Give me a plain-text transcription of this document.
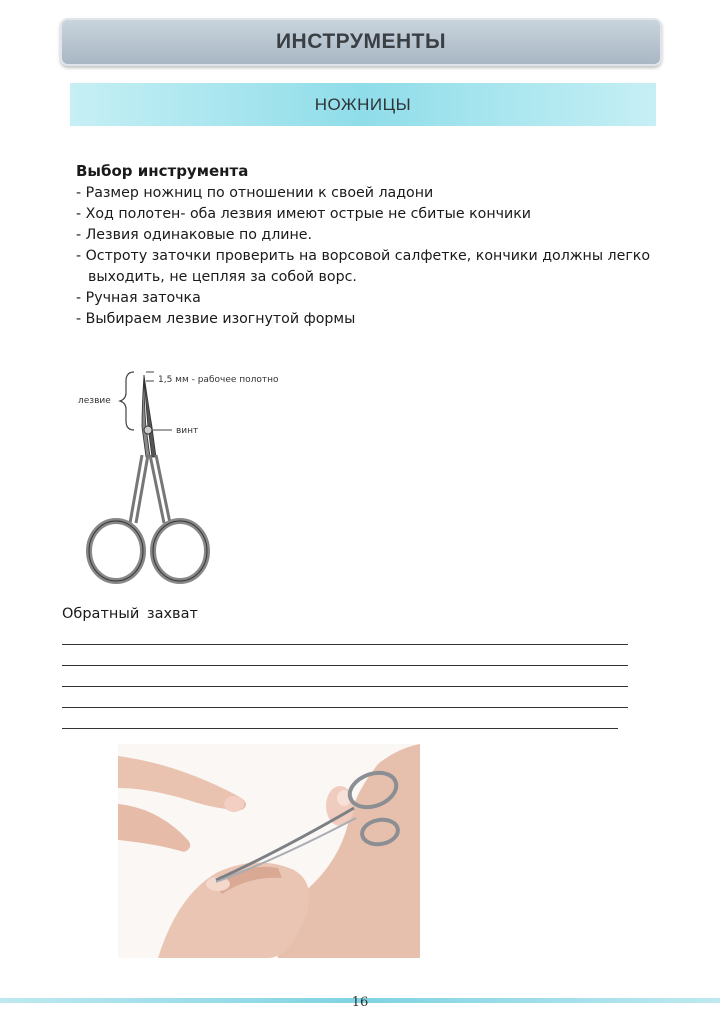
ИНСТРУМЕНТЫ
НОЖНИЦЫ
Выбор инструмента
- Размер ножниц по отношении к своей ладони
- Ход полотен- оба лезвия имеют острые не сбитые кончики
- Лезвия одинаковые по длине.
- Остроту заточки проверить на ворсовой салфетке, кончики должны легко выходить, не цепляя за собой ворс.
- Ручная заточка
- Выбираем лезвие изогнутой формы
лезвие
1,5 мм - рабочее полотно
винт
Обратный захват
16
